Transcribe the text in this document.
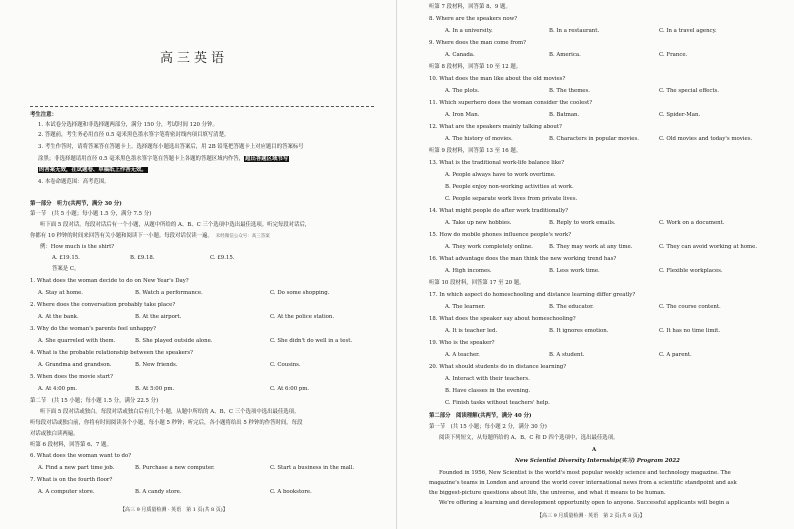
高三英语
考生注意：
1. 本试卷分选择题和非选择题两部分，满分 150 分，考试时间 120 分钟。
2. 答题前，考生务必用直径 0.5 毫米黑色墨水签字笔将密封线内项目填写清楚。
3. 考生作答时，请将答案答在答题卡上。选择题每小题选出答案后，用 2B 铅笔把答题卡上对应题目的答案标号
涂黑；非选择题请用直径 0.5 毫米黑色墨水签字笔在答题卡上各题的答题区域内作答，超出答题区域书写
的答案无效，在试题卷、草稿纸上作答无效。
4. 本卷命题范围：高考范围。
第一部分　听力(共两节，满分 30 分)
第一节　(共 5 小题；每小题 1.5 分，满分 7.5 分)
听下面 5 段对话。每段对话后有一个小题，从题中所给的 A、B、C 三个选项中选出最佳选项。听完每段对话后，
你都有 10 秒钟的时间来回答有关小题和阅读下一小题。每段对话仅读一遍。 未经微信公众号：高三答案
例：How much is the shirt?
A. £19.15.	B. £9.18.	C. £9.15.
答案是 C。
1. What does the woman decide to do on New Year's Day?
A. Stay at home.	B. Watch a performance.	C. Do some shopping.
2. Where does the conversation probably take place?
A. At the bank.	B. At the airport.	C. At the police station.
3. Why do the woman's parents feel unhappy?
A. She quarreled with them.	B. She played outside alone.	C. She didn't do well in a test.
4. What is the probable relationship between the speakers?
A. Grandma and grandson.	B. New friends.	C. Cousins.
5. When does the movie start?
A. At 4:00 pm.	B. At 5:00 pm.	C. At 6:00 pm.
第二节　(共 15 小题；每小题 1.5 分，满分 22.5 分)
听下面 5 段对话或独白。每段对话或独白后有几个小题，从题中所给的 A、B、C 三个选项中选出最佳选项。
听每段对话或独白前，你将有时间阅读各个小题，每小题 5 秒钟；听完后，各小题将给出 5 秒钟的作答时间。每段
对话或独白读两遍。
听第 6 段材料，回答第 6、7 题。
6. What does the woman want to do?
A. Find a new part time job.	B. Purchase a new computer.	C. Start a business in the mall.
7. What is on the fourth floor?
A. A computer store.	B. A candy store.	C. A bookstore.
【高三 9 月质量检测 · 英语　第 1 页(共 8 页)】
听第 7 段材料，回答第 8、9 题。
8. Where are the speakers now?
A. In a university.	B. In a restaurant.	C. In a travel agency.
9. Where does the man come from?
A. Canada.	B. America.	C. France.
听第 8 段材料，回答第 10 至 12 题。
10. What does the man like about the old movies?
A. The plots.	B. The themes.	C. The special effects.
11. Which superhero does the woman consider the coolest?
A. Iron Man.	B. Batman.	C. Spider-Man.
12. What are the speakers mainly talking about?
A. The history of movies.	B. Characters in popular movies.	C. Old movies and today's movies.
听第 9 段材料，回答第 13 至 16 题。
13. What is the traditional work-life balance like?
A. People always have to work overtime.
B. People enjoy non-working activities at work.
C. People separate work lives from private lives.
14. What might people do after work traditionally?
A. Take up new hobbies.	B. Reply to work emails.	C. Work on a document.
15. How do mobile phones influence people's work?
A. They work completely online.	B. They may work at any time.	C. They can avoid working at home.
16. What advantage does the man think the new working trend has?
A. High incomes.	B. Less work time.	C. Flexible workplaces.
听第 10 段材料，回答第 17 至 20 题。
17. In which aspect do homeschooling and distance learning differ greatly?
A. The learner.	B. The educator.	C. The course content.
18. What does the speaker say about homeschooling?
A. It is teacher led.	B. It ignores emotion.	C. It has no time limit.
19. Who is the speaker?
A. A teacher.	B. A student.	C. A parent.
20. What should students do in distance learning?
A. Interact with their teachers.
B. Have classes in the evening.
C. Finish tasks without teachers' help.
第二部分　阅读理解(共两节，满分 40 分)
第一节　(共 15 小题；每小题 2 分，满分 30 分)
阅读下列短文，从每题所给的 A、B、C 和 D 四个选项中，选出最佳选项。
A
New Scientist Diversity Internship(实习) Program 2022
Founded in 1956, New Scientist is the world's most popular weekly science and technology magazine. The
magazine's teams in London and around the world cover international news from a scientific standpoint and ask
the biggest-picture questions about life, the universe, and what it means to be human.
We're offering a learning and development opportunity open to anyone. Successful applicants will begin a
【高三 9 月质量检测 · 英语　第 2 页(共 8 页)】
